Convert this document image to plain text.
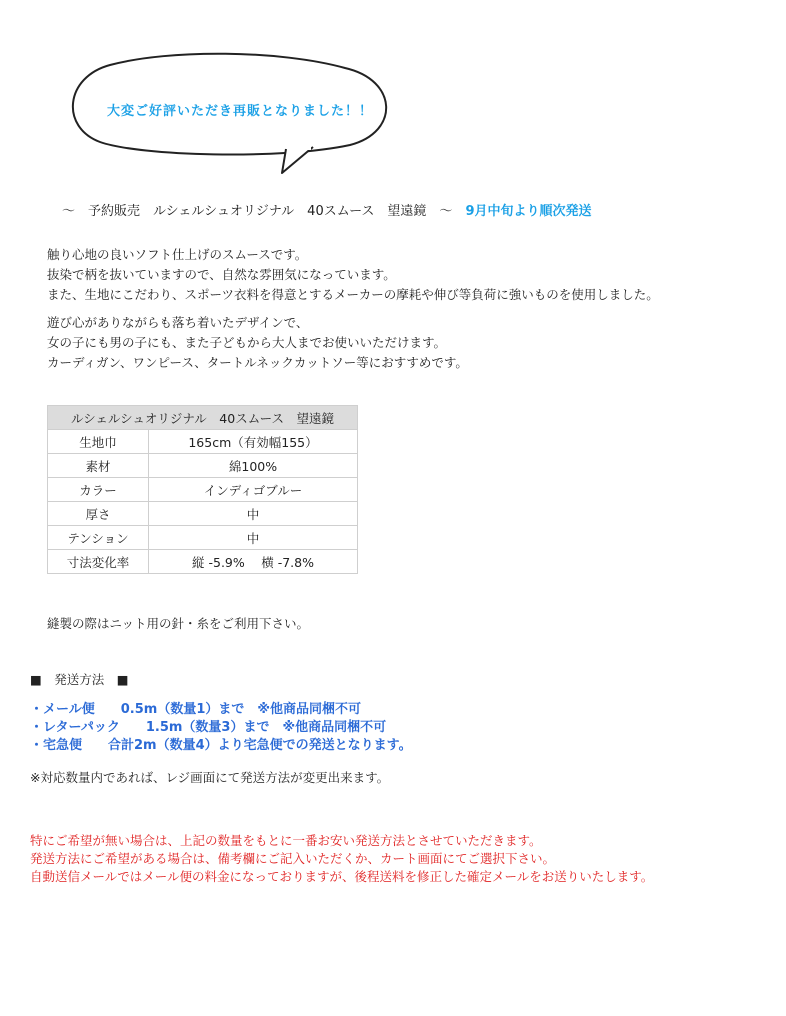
大変ご好評いただき再販となりました！！
～　予約販売　ルシェルシュオリジナル　40スムース　望遠鏡　～　9月中旬より順次発送
触り心地の良いソフト仕上げのスムースです。
抜染で柄を抜いていますので、自然な雰囲気になっています。
また、生地にこだわり、スポーツ衣料を得意とするメーカーの摩耗や伸び等負荷に強いものを使用しました。
遊び心がありながらも落ち着いたデザインで、
女の子にも男の子にも、また子どもから大人までお使いいただけます。
カーディガン、ワンピース、タートルネックカットソー等におすすめです。
ルシェルシュオリジナル　40スムース　望遠鏡	
生地巾	165cm（有効幅155）
素材	綿100%
カラー	インディゴブルー
厚さ	中
テンション	中
寸法変化率	縦 -5.9%　 横 -7.8%
縫製の際はニット用の針・糸をご利用下さい。
■　発送方法　■
・メール便　　0.5m（数量1）まで　※他商品同梱不可
・レターパック　　1.5m（数量3）まで　※他商品同梱不可
・宅急便　　合計2m（数量4）より宅急便での発送となります。
※対応数量内であれば、レジ画面にて発送方法が変更出来ます。
特にご希望が無い場合は、上記の数量をもとに一番お安い発送方法とさせていただきます。
発送方法にご希望がある場合は、備考欄にご記入いただくか、カート画面にてご選択下さい。
自動送信メールではメール便の料金になっておりますが、後程送料を修正した確定メールをお送りいたします。
